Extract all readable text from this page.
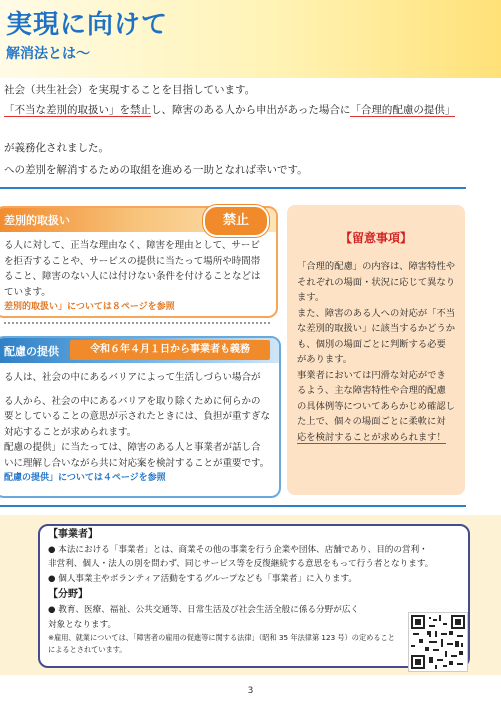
実現に向けて
解消法とは～
社会（共生社会）を実現することを目指しています。
「不当な差別的取扱い」を禁止し、障害のある人から申出があった場合に「合理的配慮の提供」
が義務化されました。
への差別を解消するための取組を進める一助となれば幸いです。
差別的取扱い
る人に対して、正当な理由なく、障害を理由として、サービ
を拒否することや、サービスの提供に当たって場所や時間帯
ること、障害のない人には付けない条件を付けることなどは
ています。
差別的取扱い」については８ページを参照
禁止
配慮の提供
る人は、社会の中にあるバリアによって生活しづらい場合が
る人から、社会の中にあるバリアを取り除くために何らかの
要としていることの意思が示されたときには、負担が重すぎな
対応することが求められます。
配慮の提供」に当たっては、障害のある人と事業者が話し合
いに理解し合いながら共に対応案を検討することが重要です。
配慮の提供」については４ページを参照
令和６年４月１日から事業者も義務
【留意事項】
「合理的配慮」の内容は、障害特性や
それぞれの場面・状況に応じて異なり
ます。
また、障害のある人への対応が「不当
な差別的取扱い」に該当するかどうか
も、個別の場面ごとに判断する必要
があります。
事業者においては円滑な対応ができ
るよう、主な障害特性や合理的配慮
の具体例等についてあらかじめ確認し
た上で、個々の場面ごとに柔軟に対
応を検討することが求められます！
【事業者】
● 本法における「事業者」とは、商業その他の事業を行う企業や団体、店舗であり、目的の営利・
非営利、個人・法人の別を問わず、同じサービス等を反復継続する意思をもって行う者となります。
● 個人事業主やボランティア活動をするグループなども「事業者」に入ります。
【分野】
● 教育、医療、福祉、公共交通等、日常生活及び社会生活全般に係る分野が広く
対象となります。
※雇用、就業については、「障害者の雇用の促進等に関する法律」（昭和 35 年法律第 123 号）の定めること
によるとされています。
3
